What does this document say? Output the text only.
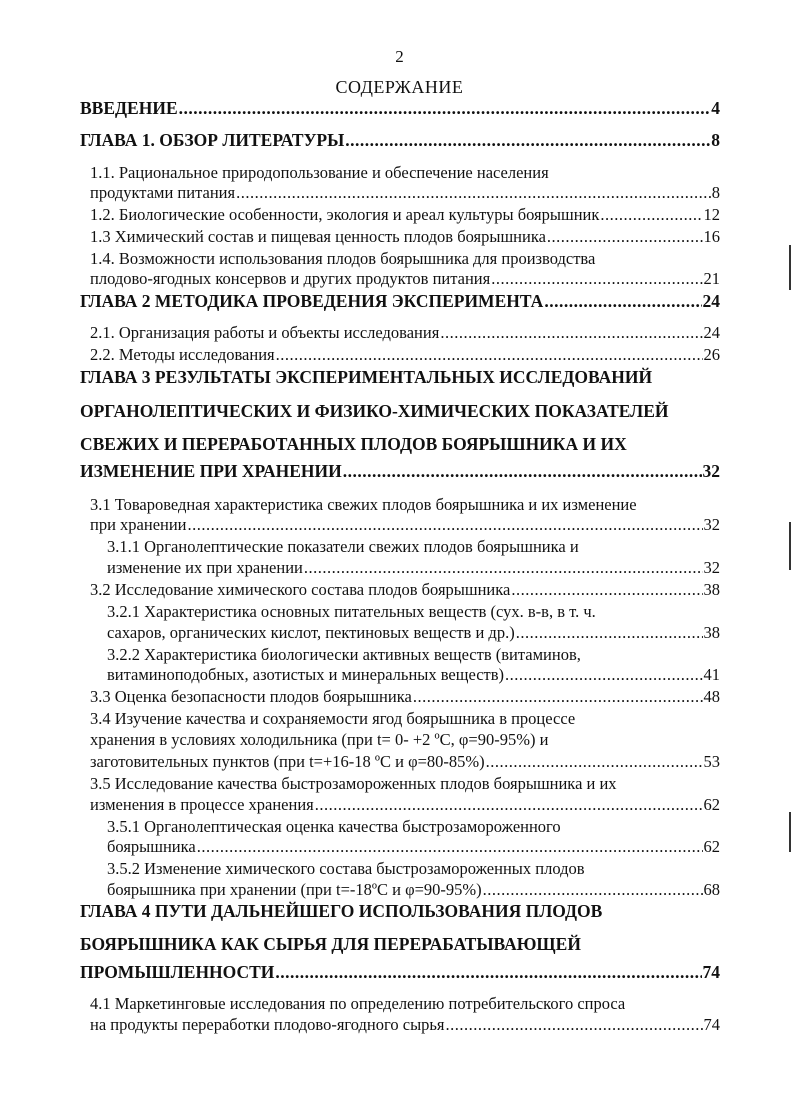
2
СОДЕРЖАНИЕ
ВВЕДЕНИЕ .....	4
ГЛАВА 1. ОБЗОР ЛИТЕРАТУРЫ .....	8
1.1. Рациональное природопользование и обеспечение населения
продуктами питания .....	8
1.2. Биологические особенности, экология и ареал культуры боярышник .....	12
1.3 Химический состав и пищевая ценность плодов боярышника .....	16
1.4. Возможности использования плодов боярышника для производства
плодово-ягодных консервов и других продуктов питания .....	21
ГЛАВА 2 МЕТОДИКА ПРОВЕДЕНИЯ ЭКСПЕРИМЕНТА .....	24
2.1. Организация работы и объекты исследования .....	24
2.2. Методы исследования .....	26
ГЛАВА 3 РЕЗУЛЬТАТЫ ЭКСПЕРИМЕНТАЛЬНЫХ ИССЛЕДОВАНИЙ
ОРГАНОЛЕПТИЧЕСКИХ И ФИЗИКО-ХИМИЧЕСКИХ ПОКАЗАТЕЛЕЙ
СВЕЖИХ И ПЕРЕРАБОТАННЫХ ПЛОДОВ БОЯРЫШНИКА И ИХ
ИЗМЕНЕНИЕ ПРИ ХРАНЕНИИ .....	32
3.1 Товароведная характеристика свежих плодов боярышника и их изменение
при хранении .....	32
3.1.1 Органолептические показатели свежих плодов боярышника и
изменение их при хранении .....	32
3.2 Исследование химического состава плодов боярышника .....	38
3.2.1 Характеристика основных питательных веществ (сух. в-в, в т. ч.
сахаров, органических кислот, пектиновых веществ и др.) .....	38
3.2.2 Характеристика биологически активных веществ (витаминов,
витаминоподобных, азотистых и минеральных веществ) .....	41
3.3 Оценка безопасности плодов боярышника .....	48
3.4 Изучение качества и сохраняемости ягод боярышника в процессе
хранения в условиях холодильника (при t= 0- +2 ºС, φ=90-95%) и
заготовительных пунктов (при t=+16-18 ºС и φ=80-85%) .....	53
3.5 Исследование качества быстрозамороженных плодов боярышника и их
изменения в процессе хранения .....	62
3.5.1 Органолептическая оценка качества быстрозамороженного
боярышника .....	62
3.5.2 Изменение химического состава быстрозамороженных плодов
боярышника при хранении (при t=-18ºС и φ=90-95%) .....	68
ГЛАВА 4 ПУТИ ДАЛЬНЕЙШЕГО ИСПОЛЬЗОВАНИЯ ПЛОДОВ
БОЯРЫШНИКА КАК СЫРЬЯ ДЛЯ ПЕРЕРАБАТЫВАЮЩЕЙ
ПРОМЫШЛЕННОСТИ .....	74
4.1 Маркетинговые исследования по определению потребительского спроса
на продукты переработки плодово-ягодного сырья .....	74
